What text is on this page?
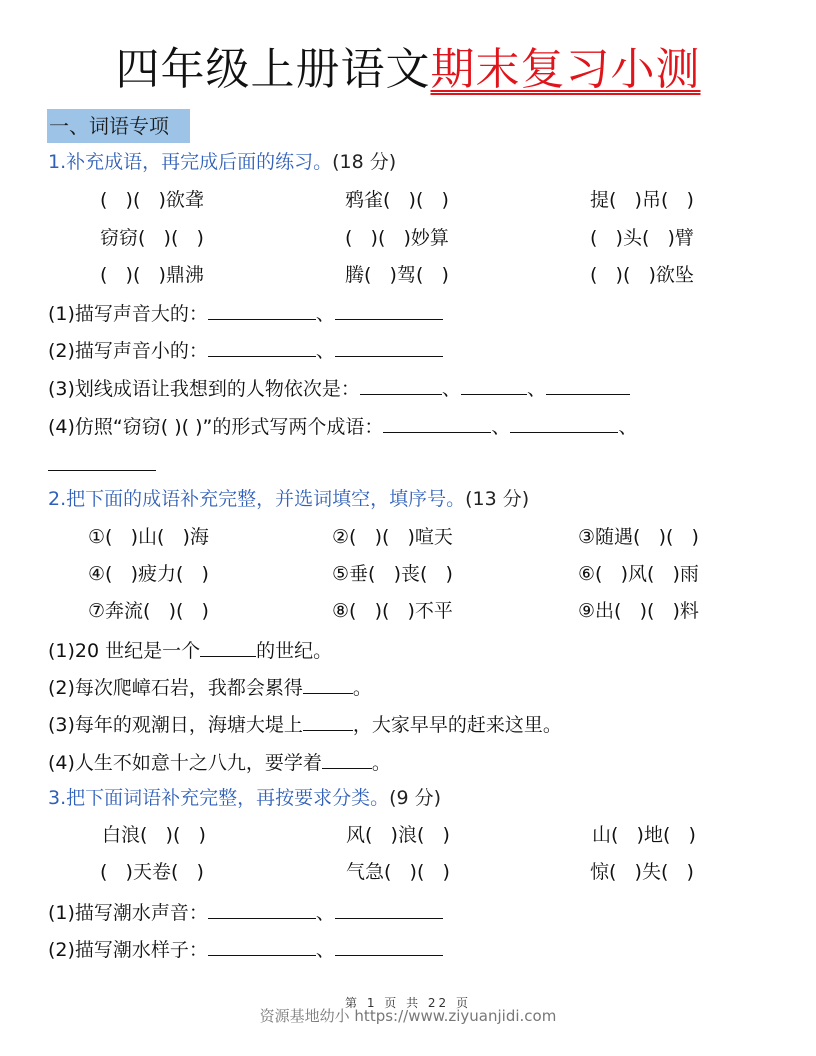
四年级上册语文期末复习小测
一、词语专项
1.补充成语，再完成后面的练习。(18 分)
(   )(   )欲聋	鸦雀(   )(   )	提(   )吊(   )
窃窃(   )(   )	(   )(   )妙算	(   )头(   )臂
(   )(   )鼎沸	腾(   )驾(   )	(   )(   )欲坠
(1)描写声音大的：	、
(2)描写声音小的：	、
(3)划线成语让我想到的人物依次是：	、	、
(4)仿照“窃窃( )( )”的形式写两个成语：	、	、
2.把下面的成语补充完整，并选词填空，填序号。(13 分)
①(   )山(   )海	②(   )(   )喧天	③随遇(   )(   )
④(   )疲力(   )	⑤垂(   )丧(   )	⑥(   )风(   )雨
⑦奔流(   )(   )	⑧(   )(   )不平	⑨出(   )(   )料
(1)20 世纪是一个	的世纪。
(2)每次爬嶂石岩，我都会累得	。
(3)每年的观潮日，海塘大堤上	，大家早早的赶来这里。
(4)人生不如意十之八九，要学着	。
3.把下面词语补充完整，再按要求分类。(9 分)
白浪(   )(   )	风(   )浪(   )	山(   )地(   )
(   )天卷(   )	气急(   )(   )	惊(   )失(   )
(1)描写潮水声音：	、
(2)描写潮水样子：	、
第 1 页 共 22 页
资源基地幼小 https://www.ziyuanjidi.com
